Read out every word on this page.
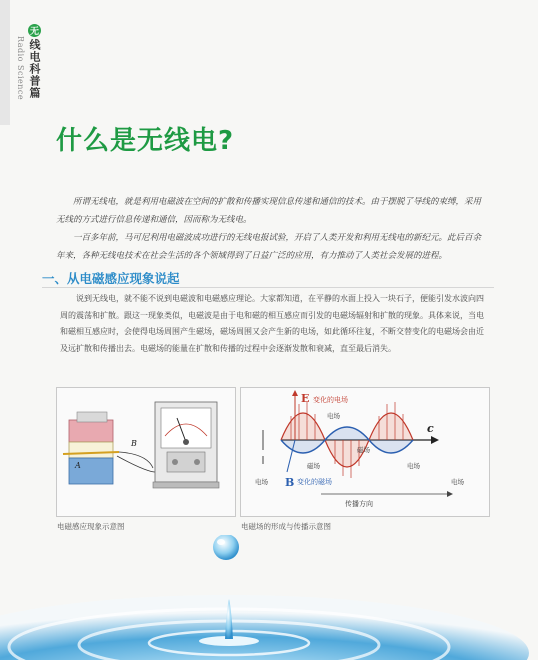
Radio Science
无
线电科普篇
什么是无线电?

所谓无线电，就是利用电磁波在空间的扩散和传播实现信息传递和通信的技术。由于摆脱了导线的束缚，采用无线的方式进行信息传递和通信，因而称为无线电。

一百多年前，马可尼利用电磁波成功进行的无线电报试验，开启了人类开发和利用无线电的新纪元。此后百余年来，各种无线电技术在社会生活的各个领域得到了日益广泛的应用，有力推动了人类社会发展的进程。

一、从电磁感应现象说起

说到无线电，就不能不说到电磁波和电磁感应理论。大家都知道，在平静的水面上投入一块石子，便能引发水波向四周的震荡和扩散。跟这一现象类似，电磁波是由于电和磁的相互感应而引发的电磁场辐射和扩散的现象。具体来说，当电和磁相互感应时，会使得电场周围产生磁场，磁场周围又会产生新的电场，如此循环往复，不断交替变化的电磁场会由近及远扩散和传播出去。电磁场的能量在扩散和传播的过程中会逐渐发散和衰减，直至最后消失。

A
B
电磁感应现象示意图
c
E 变化的电场
电场
B 变化的磁场
磁场
磁场
电场
电场
电场
传播方向
电磁场的形成与传播示意图
